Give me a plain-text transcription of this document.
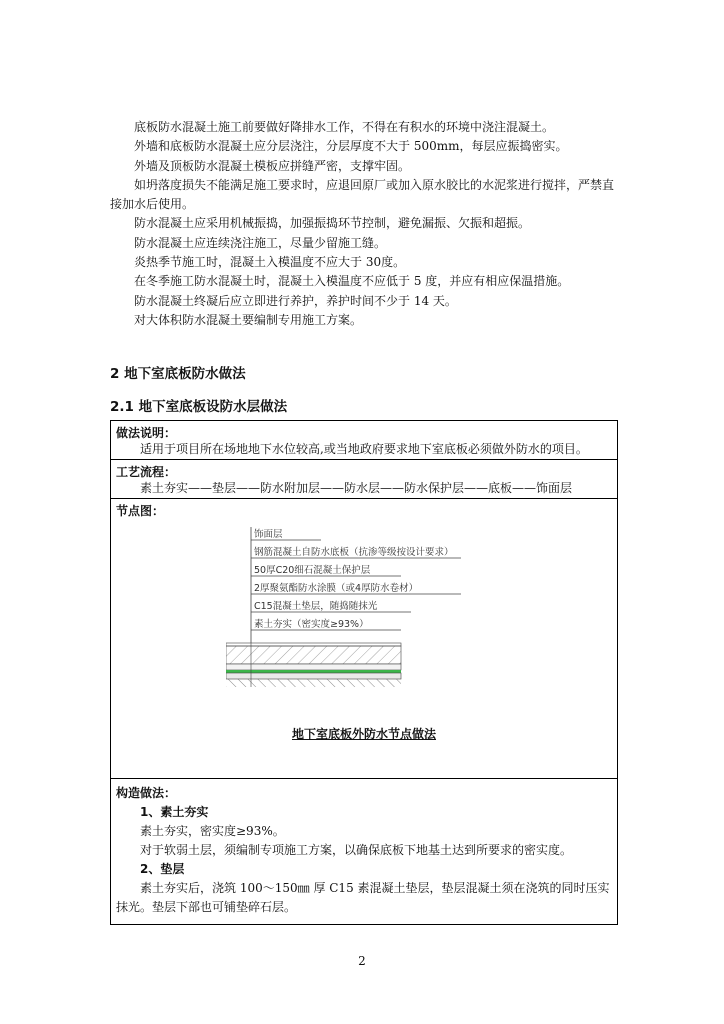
底板防水混凝土施工前要做好降排水工作，不得在有积水的环境中浇注混凝土。

外墙和底板防水混凝土应分层浇注，分层厚度不大于 500mm，每层应振捣密实。

外墙及顶板防水混凝土模板应拼缝严密，支撑牢固。

如坍落度损失不能满足施工要求时，应退回原厂或加入原水胶比的水泥浆进行搅拌，严禁直接加水后使用。

防水混凝土应采用机械振捣，加强振捣环节控制，避免漏振、欠振和超振。

防水混凝土应连续浇注施工，尽量少留施工缝。

炎热季节施工时，混凝土入模温度不应大于 30度。

在冬季施工防水混凝土时，混凝土入模温度不应低于 5 度，并应有相应保温措施。

防水混凝土终凝后应立即进行养护，养护时间不少于 14 天。

对大体积防水混凝土要编制专用施工方案。

2 地下室底板防水做法
2.1 地下室底板设防水层做法
做法说明：
适用于项目所在场地地下水位较高,或当地政府要求地下室底板必须做外防水的项目。
工艺流程：
素土夯实——垫层——防水附加层——防水层——防水保护层——底板——饰面层
节点图：
饰面层
钢筋混凝土自防水底板（抗渗等级按设计要求）
50厚C20细石混凝土保护层
2厚聚氨酯防水涂膜（或4厚防水卷材）
C15混凝土垫层，随捣随抹光
素土夯实（密实度≥93%）
地下室底板外防水节点做法
构造做法：
1、素土夯实
素土夯实，密实度≥93%。
对于软弱土层，须编制专项施工方案，以确保底板下地基土达到所要求的密实度。
2、垫层
素土夯实后，浇筑 100～150㎜ 厚 C15 素混凝土垫层，垫层混凝土须在浇筑的同时压实抹光。垫层下部也可铺垫碎石层。
2
